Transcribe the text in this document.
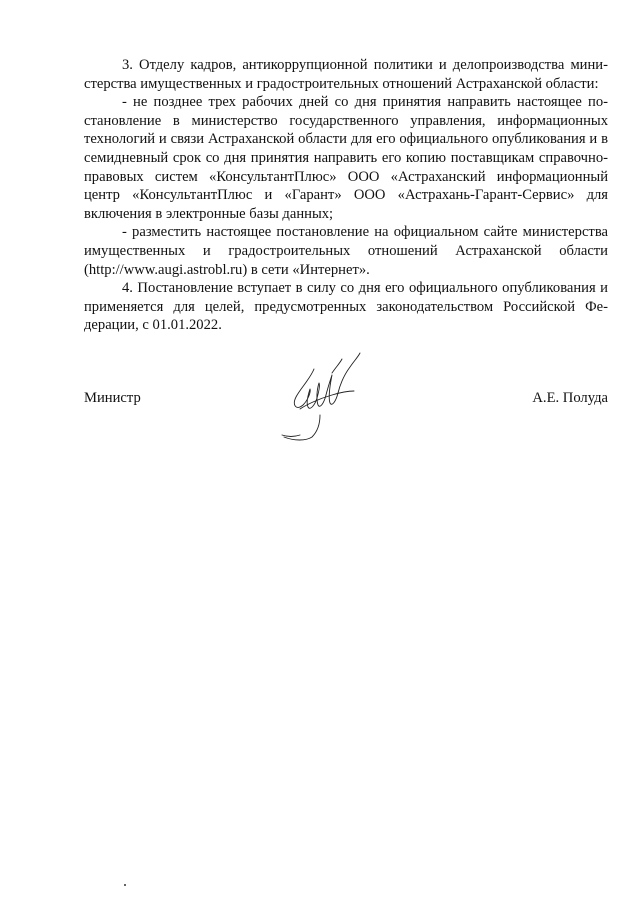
3. Отделу кадров, антикоррупционной политики и делопроизводства министерства имущественных и градостроительных отношений Астраханской области:

- не позднее трех рабочих дней со дня принятия направить настоящее постановление в министерство государственного управления, информационных технологий и связи Астраханской области для его официального опубликования и в семидневный срок со дня принятия направить его копию поставщикам справочно-правовых систем «КонсультантПлюс» ООО «Астраханский информационный центр «КонсультантПлюс и «Гарант» ООО «Астрахань-Гарант-Сервис» для включения в электронные базы данных;

- разместить настоящее постановление на официальном сайте министерства имущественных и градостроительных отношений Астраханской области (http://www.augi.astrobl.ru) в сети «Интернет».

4. Постановление вступает в силу со дня его официального опубликования и применяется для целей, предусмотренных законодательством Российской Федерации, с 01.01.2022.

Министр	А.Е. Полуда
